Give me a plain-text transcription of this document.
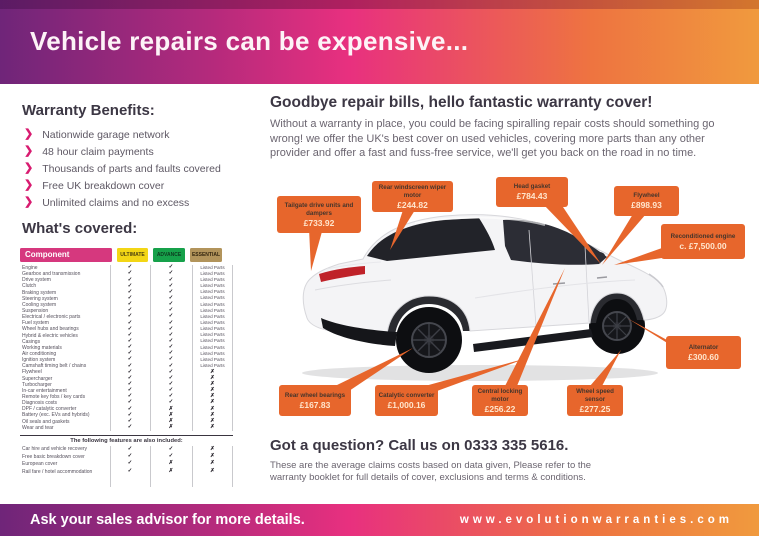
Vehicle repairs can be expensive...
Warranty Benefits:
❯ Nationwide garage network
❯ 48 hour claim payments
❯ Thousands of parts and faults covered
❯ Free UK breakdown cover
❯ Unlimited claims and no excess
What's covered:
Component	ULTIMATE	ADVANCE	ESSENTIAL
Engine	✓	✓	Listed Parts
Gearbox and transmission	✓	✓	Listed Parts
Drive system	✓	✓	Listed Parts
Clutch	✓	✓	Listed Parts
Braking system	✓	✓	Listed Parts
Steering system	✓	✓	Listed Parts
Cooling system	✓	✓	Listed Parts
Suspension	✓	✓	Listed Parts
Electrical / electronic parts	✓	✓	Listed Parts
Fuel system	✓	✓	Listed Parts
Wheel hubs and bearings	✓	✓	Listed Parts
Hybrid & electric vehicles	✓	✓	Listed Parts
Casings	✓	✓	Listed Parts
Working materials	✓	✓	Listed Parts
Air conditioning	✓	✓	Listed Parts
Ignition system	✓	✓	Listed Parts
Camshaft timing belt / chains	✓	✓	Listed Parts
Flywheel	✓	✓	✗
Supercharger	✓	✓	✗
Turbocharger	✓	✓	✗
In-car entertainment	✓	✓	✗
Remote key fobs / key cards	✓	✓	✗
Diagnosis costs	✓	✓	✗
DPF / catalytic converter	✓	✗	✗
Battery (exc. EVs and hybrids)	✓	✗	✗
Oil seals and gaskets	✓	✗	✗
Wear and tear	✓	✗	✗
The following features are also included:
Car hire and vehicle recovery	✓	✓	✗
Free basic breakdown cover	✓	✓	✗
European cover	✓	✗	✗
Rail fare / hotel accommodation	✓	✗	✗
Goodbye repair bills, hello fantastic warranty cover!

Without a warranty in place, you could be facing spiralling repair costs should something go wrong! we offer the UK's best cover on used vehicles, covering more parts than any other provider and offer a fast and fuss-free service, we'll get you back on the road in no time.

Tailgate drive units and dampers
£733.92
Rear windscreen wiper motor
£244.82
Head gasket
£784.43	Flywheel
£898.93
Reconditioned engine
c. £7,500.00
Alternator
£300.60
Rear wheel bearings
£167.83
Catalytic converter
£1,000.16
Central locking motor
£256.22
Wheel speed sensor
£277.25
Got a question? Call us on 0333 335 5616.

These are the average claims costs based on data given, Please refer to the warranty booklet for full details of cover, exclusions and terms & conditions.

Ask your sales advisor for more details.	www.evolutionwarranties.com
